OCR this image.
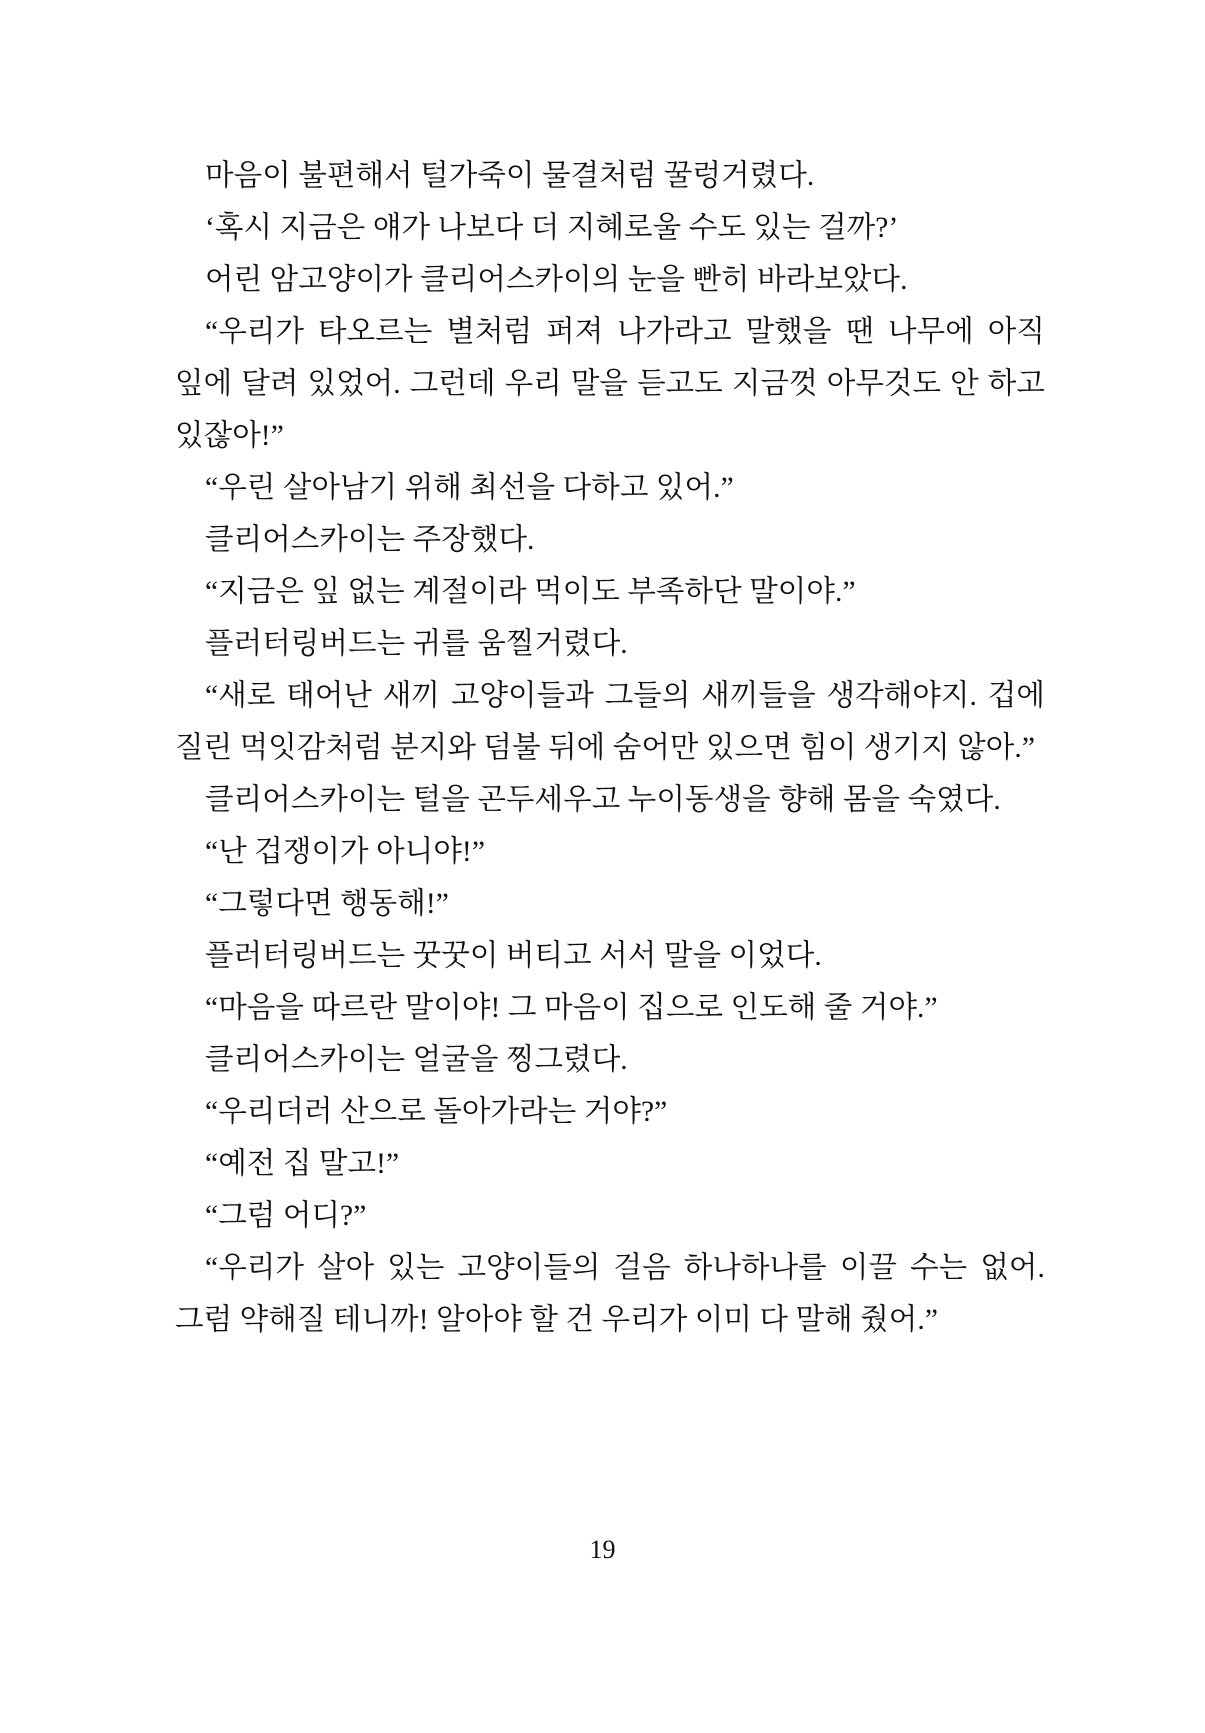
마음이 불편해서 털가죽이 물결처럼 꿀렁거렸다.

‘혹시 지금은 얘가 나보다 더 지혜로울 수도 있는 걸까?’

어린 암고양이가 클리어스카이의 눈을 빤히 바라보았다.

“우리가 타오르는 별처럼 퍼져 나가라고 말했을 땐 나무에 아직 잎에 달려 있었어. 그런데 우리 말을 듣고도 지금껏 아무것도 안 하고 있잖아!”

“우린 살아남기 위해 최선을 다하고 있어.”

클리어스카이는 주장했다.

“지금은 잎 없는 계절이라 먹이도 부족하단 말이야.”

플러터링버드는 귀를 움찔거렸다.

“새로 태어난 새끼 고양이들과 그들의 새끼들을 생각해야지. 겁에 질린 먹잇감처럼 분지와 덤불 뒤에 숨어만 있으면 힘이 생기지 않아.”

클리어스카이는 털을 곤두세우고 누이동생을 향해 몸을 숙였다.

“난 겁쟁이가 아니야!”

“그렇다면 행동해!”

플러터링버드는 꿋꿋이 버티고 서서 말을 이었다.

“마음을 따르란 말이야! 그 마음이 집으로 인도해 줄 거야.”

클리어스카이는 얼굴을 찡그렸다.

“우리더러 산으로 돌아가라는 거야?”

“예전 집 말고!”

“그럼 어디?”

“우리가 살아 있는 고양이들의 걸음 하나하나를 이끌 수는 없어. 그럼 약해질 테니까! 알아야 할 건 우리가 이미 다 말해 줬어.”

19
